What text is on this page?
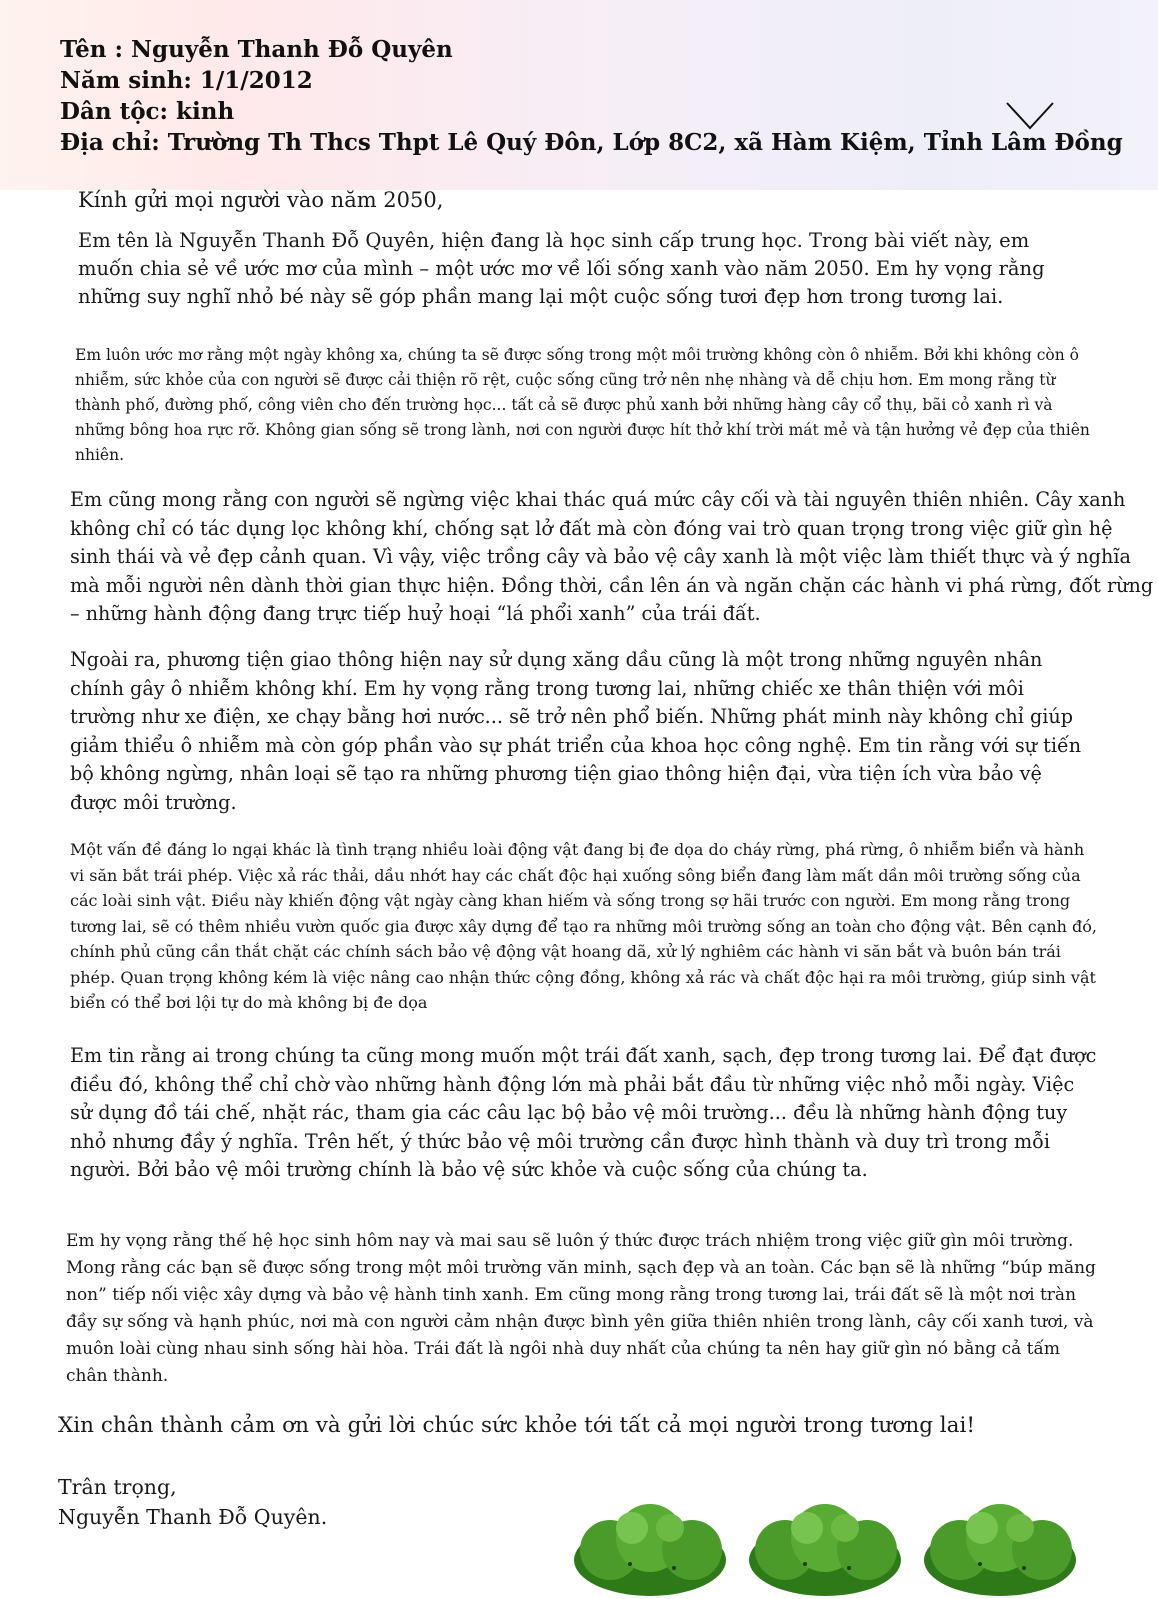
Tên : Nguyễn Thanh Đỗ Quyên
Năm sinh: 1/1/2012
Dân tộc: kinh
Địa chỉ: Trường Th Thcs Thpt Lê Quý Đôn, Lớp 8C2, xã Hàm Kiệm, Tỉnh Lâm Đồng
Kính gửi mọi người vào năm 2050,

Em tên là Nguyễn Thanh Đỗ Quyên, hiện đang là học sinh cấp trung học. Trong bài viết này, em muốn chia sẻ về ước mơ của mình – một ước mơ về lối sống xanh vào năm 2050. Em hy vọng rằng những suy nghĩ nhỏ bé này sẽ góp phần mang lại một cuộc sống tươi đẹp hơn trong tương lai.

Em luôn ước mơ rằng một ngày không xa, chúng ta sẽ được sống trong một môi trường không còn ô nhiễm. Bởi khi không còn ô nhiễm, sức khỏe của con người sẽ được cải thiện rõ rệt, cuộc sống cũng trở nên nhẹ nhàng và dễ chịu hơn. Em mong rằng từ thành phố, đường phố, công viên cho đến trường học... tất cả sẽ được phủ xanh bởi những hàng cây cổ thụ, bãi cỏ xanh rì và những bông hoa rực rỡ. Không gian sống sẽ trong lành, nơi con người được hít thở khí trời mát mẻ và tận hưởng vẻ đẹp của thiên nhiên.

Em cũng mong rằng con người sẽ ngừng việc khai thác quá mức cây cối và tài nguyên thiên nhiên. Cây xanh không chỉ có tác dụng lọc không khí, chống sạt lở đất mà còn đóng vai trò quan trọng trong việc giữ gìn hệ sinh thái và vẻ đẹp cảnh quan. Vì vậy, việc trồng cây và bảo vệ cây xanh là một việc làm thiết thực và ý nghĩa mà mỗi người nên dành thời gian thực hiện. Đồng thời, cần lên án và ngăn chặn các hành vi phá rừng, đốt rừng – những hành động đang trực tiếp huỷ hoại “lá phổi xanh” của trái đất.

Ngoài ra, phương tiện giao thông hiện nay sử dụng xăng dầu cũng là một trong những nguyên nhân chính gây ô nhiễm không khí. Em hy vọng rằng trong tương lai, những chiếc xe thân thiện với môi trường như xe điện, xe chạy bằng hơi nước... sẽ trở nên phổ biến. Những phát minh này không chỉ giúp giảm thiểu ô nhiễm mà còn góp phần vào sự phát triển của khoa học công nghệ. Em tin rằng với sự tiến bộ không ngừng, nhân loại sẽ tạo ra những phương tiện giao thông hiện đại, vừa tiện ích vừa bảo vệ được môi trường.

Một vấn đề đáng lo ngại khác là tình trạng nhiều loài động vật đang bị đe dọa do cháy rừng, phá rừng, ô nhiễm biển và hành vi săn bắt trái phép. Việc xả rác thải, dầu nhớt hay các chất độc hại xuống sông biển đang làm mất dần môi trường sống của các loài sinh vật. Điều này khiến động vật ngày càng khan hiếm và sống trong sợ hãi trước con người. Em mong rằng trong tương lai, sẽ có thêm nhiều vườn quốc gia được xây dựng để tạo ra những môi trường sống an toàn cho động vật. Bên cạnh đó, chính phủ cũng cần thắt chặt các chính sách bảo vệ động vật hoang dã, xử lý nghiêm các hành vi săn bắt và buôn bán trái phép. Quan trọng không kém là việc nâng cao nhận thức cộng đồng, không xả rác và chất độc hại ra môi trường, giúp sinh vật biển có thể bơi lội tự do mà không bị đe dọa

Em tin rằng ai trong chúng ta cũng mong muốn một trái đất xanh, sạch, đẹp trong tương lai. Để đạt được điều đó, không thể chỉ chờ vào những hành động lớn mà phải bắt đầu từ những việc nhỏ mỗi ngày. Việc sử dụng đồ tái chế, nhặt rác, tham gia các câu lạc bộ bảo vệ môi trường... đều là những hành động tuy nhỏ nhưng đầy ý nghĩa. Trên hết, ý thức bảo vệ môi trường cần được hình thành và duy trì trong mỗi người. Bởi bảo vệ môi trường chính là bảo vệ sức khỏe và cuộc sống của chúng ta.

Em hy vọng rằng thế hệ học sinh hôm nay và mai sau sẽ luôn ý thức được trách nhiệm trong việc giữ gìn môi trường. Mong rằng các bạn sẽ được sống trong một môi trường văn minh, sạch đẹp và an toàn. Các bạn sẽ là những “búp măng non” tiếp nối việc xây dựng và bảo vệ hành tinh xanh. Em cũng mong rằng trong tương lai, trái đất sẽ là một nơi tràn đầy sự sống và hạnh phúc, nơi mà con người cảm nhận được bình yên giữa thiên nhiên trong lành, cây cối xanh tươi, và muôn loài cùng nhau sinh sống hài hòa. Trái đất là ngôi nhà duy nhất của chúng ta nên hay giữ gìn nó bằng cả tấm chân thành.

Xin chân thành cảm ơn và gửi lời chúc sức khỏe tới tất cả mọi người trong tương lai!
Trân trọng,
Nguyễn Thanh Đỗ Quyên.
